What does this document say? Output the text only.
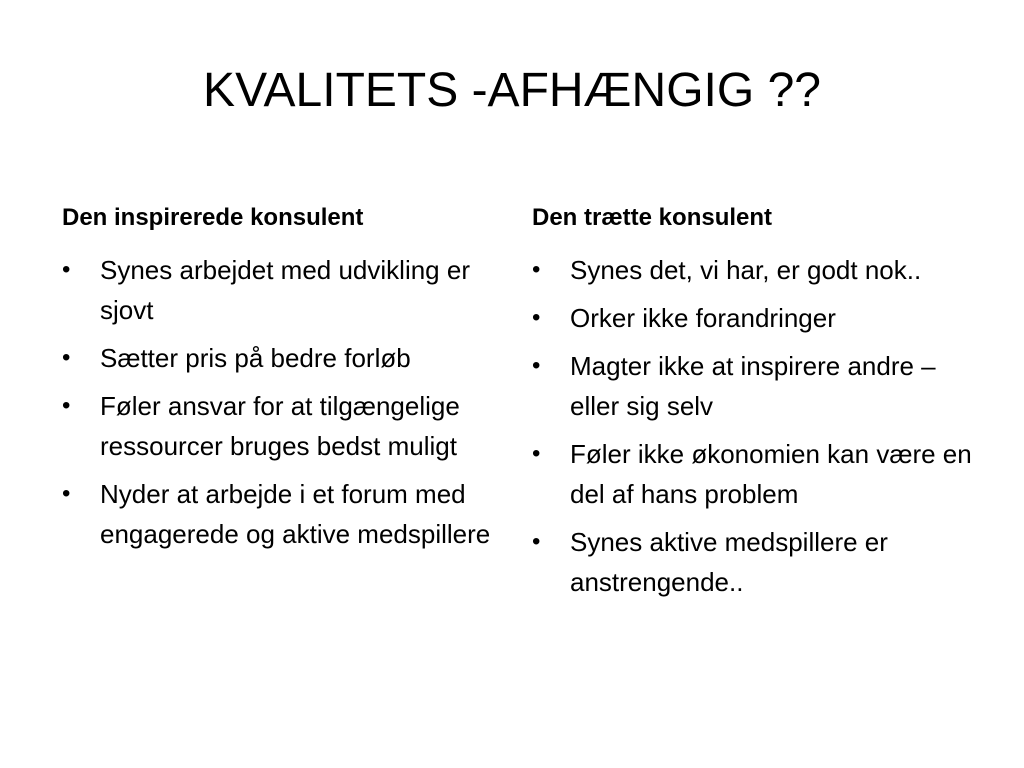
KVALITETS -AFHÆNGIG ??
Den inspirerede konsulent
•	Synes arbejdet med udvikling er sjovt
•	Sætter pris på bedre forløb
•	Føler ansvar for at tilgængelige ressourcer bruges bedst muligt
•	Nyder at arbejde i et forum med engagerede og aktive medspillere
Den trætte konsulent
•	Synes det, vi har, er godt nok..
•	Orker ikke forandringer
•	Magter ikke at inspirere andre – eller sig selv
•	Føler ikke økonomien kan være en del af hans problem
•	Synes aktive medspillere er anstrengende..
